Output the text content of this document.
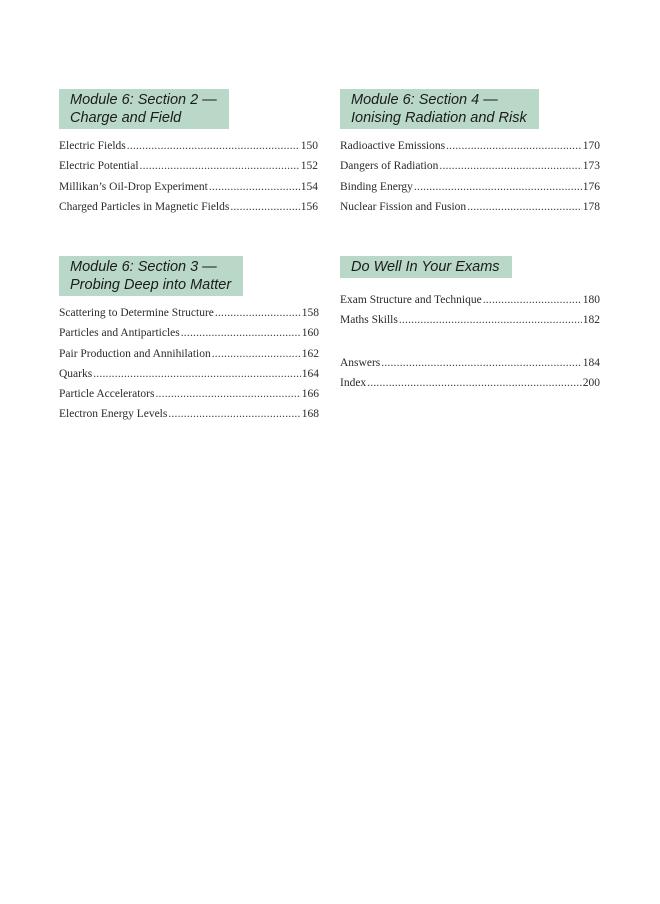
Module 6: Section 2 —
Charge and Field
Electric Fields .....	150
Electric Potential .....	152
Millikan’s Oil-Drop Experiment .....	154
Charged Particles in Magnetic Fields .....	156
Module 6: Section 4 —
Ionising Radiation and Risk
Radioactive Emissions .....	170
Dangers of Radiation .....	173
Binding Energy .....	176
Nuclear Fission and Fusion .....	178
Module 6: Section 3 —
Probing Deep into Matter
Scattering to Determine Structure .....	158
Particles and Antiparticles .....	160
Pair Production and Annihilation .....	162
Quarks .....	164
Particle Accelerators .....	166
Electron Energy Levels .....	168
Do Well In Your Exams
Exam Structure and Technique .....	180
Maths Skills .....	182
Answers .....	184
Index .....	200
